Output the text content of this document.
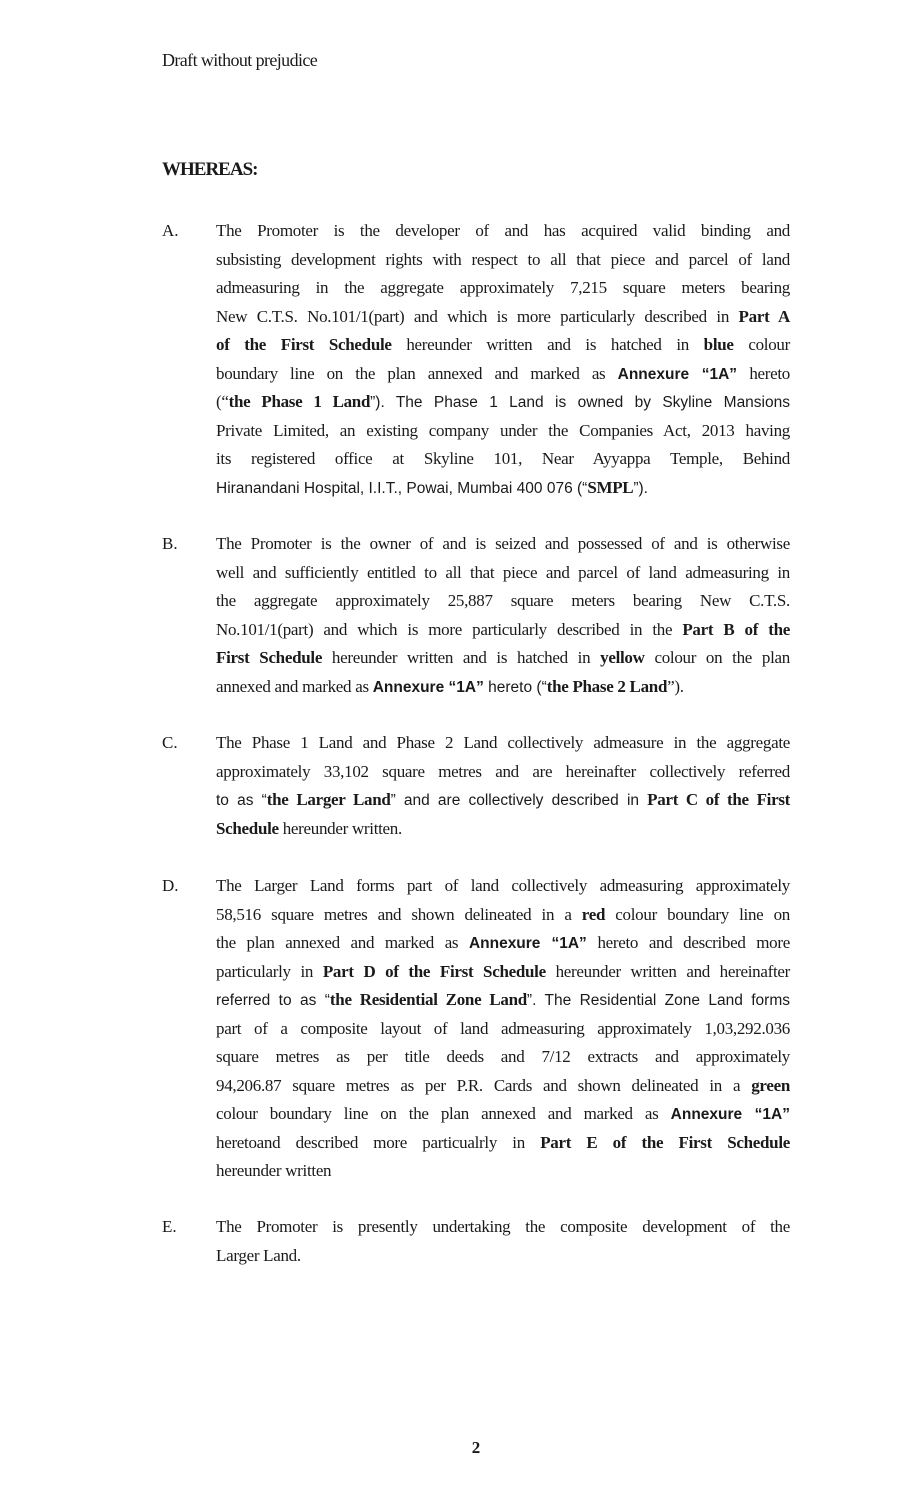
Draft without prejudice
WHEREAS:
A. The Promoter is the developer of and has acquired valid binding and
subsisting development rights with respect to all that piece and parcel of land
admeasuring in the aggregate approximately 7,215 square meters bearing
New C.T.S. No.101/1(part) and which is more particularly described in Part A
of the First Schedule hereunder written and is hatched in blue colour
boundary line on the plan annexed and marked as Annexure “1A” hereto
(“the Phase 1 Land”). The Phase 1 Land is owned by Skyline Mansions
Private Limited, an existing company under the Companies Act, 2013 having
its registered office at Skyline 101, Near Ayyappa Temple, Behind
Hiranandani Hospital, I.I.T., Powai, Mumbai 400 076 (“SMPL”).
B. The Promoter is the owner of and is seized and possessed of and is otherwise
well and sufficiently entitled to all that piece and parcel of land admeasuring in
the aggregate approximately 25,887 square meters bearing New C.T.S.
No.101/1(part) and which is more particularly described in the Part B of the
First Schedule hereunder written and is hatched in yellow colour on the plan
annexed and marked as Annexure “1A” hereto (“the Phase 2 Land”).
C. The Phase 1 Land and Phase 2 Land collectively admeasure in the aggregate
approximately 33,102 square metres and are hereinafter collectively referred
to as “the Larger Land” and are collectively described in Part C of the First
Schedule hereunder written.
D. The Larger Land forms part of land collectively admeasuring approximately
58,516 square metres and shown delineated in a red colour boundary line on
the plan annexed and marked as Annexure “1A” hereto and described more
particularly in Part D of the First Schedule hereunder written and hereinafter
referred to as “the Residential Zone Land”. The Residential Zone Land forms
part of a composite layout of land admeasuring approximately 1,03,292.036
square metres as per title deeds and 7/12 extracts and approximately
94,206.87 square metres as per P.R. Cards and shown delineated in a green
colour boundary line on the plan annexed and marked as Annexure “1A”
heretoand described more particualrly in Part E of the First Schedule
hereunder written
E. The Promoter is presently undertaking the composite development of the
Larger Land.
2
